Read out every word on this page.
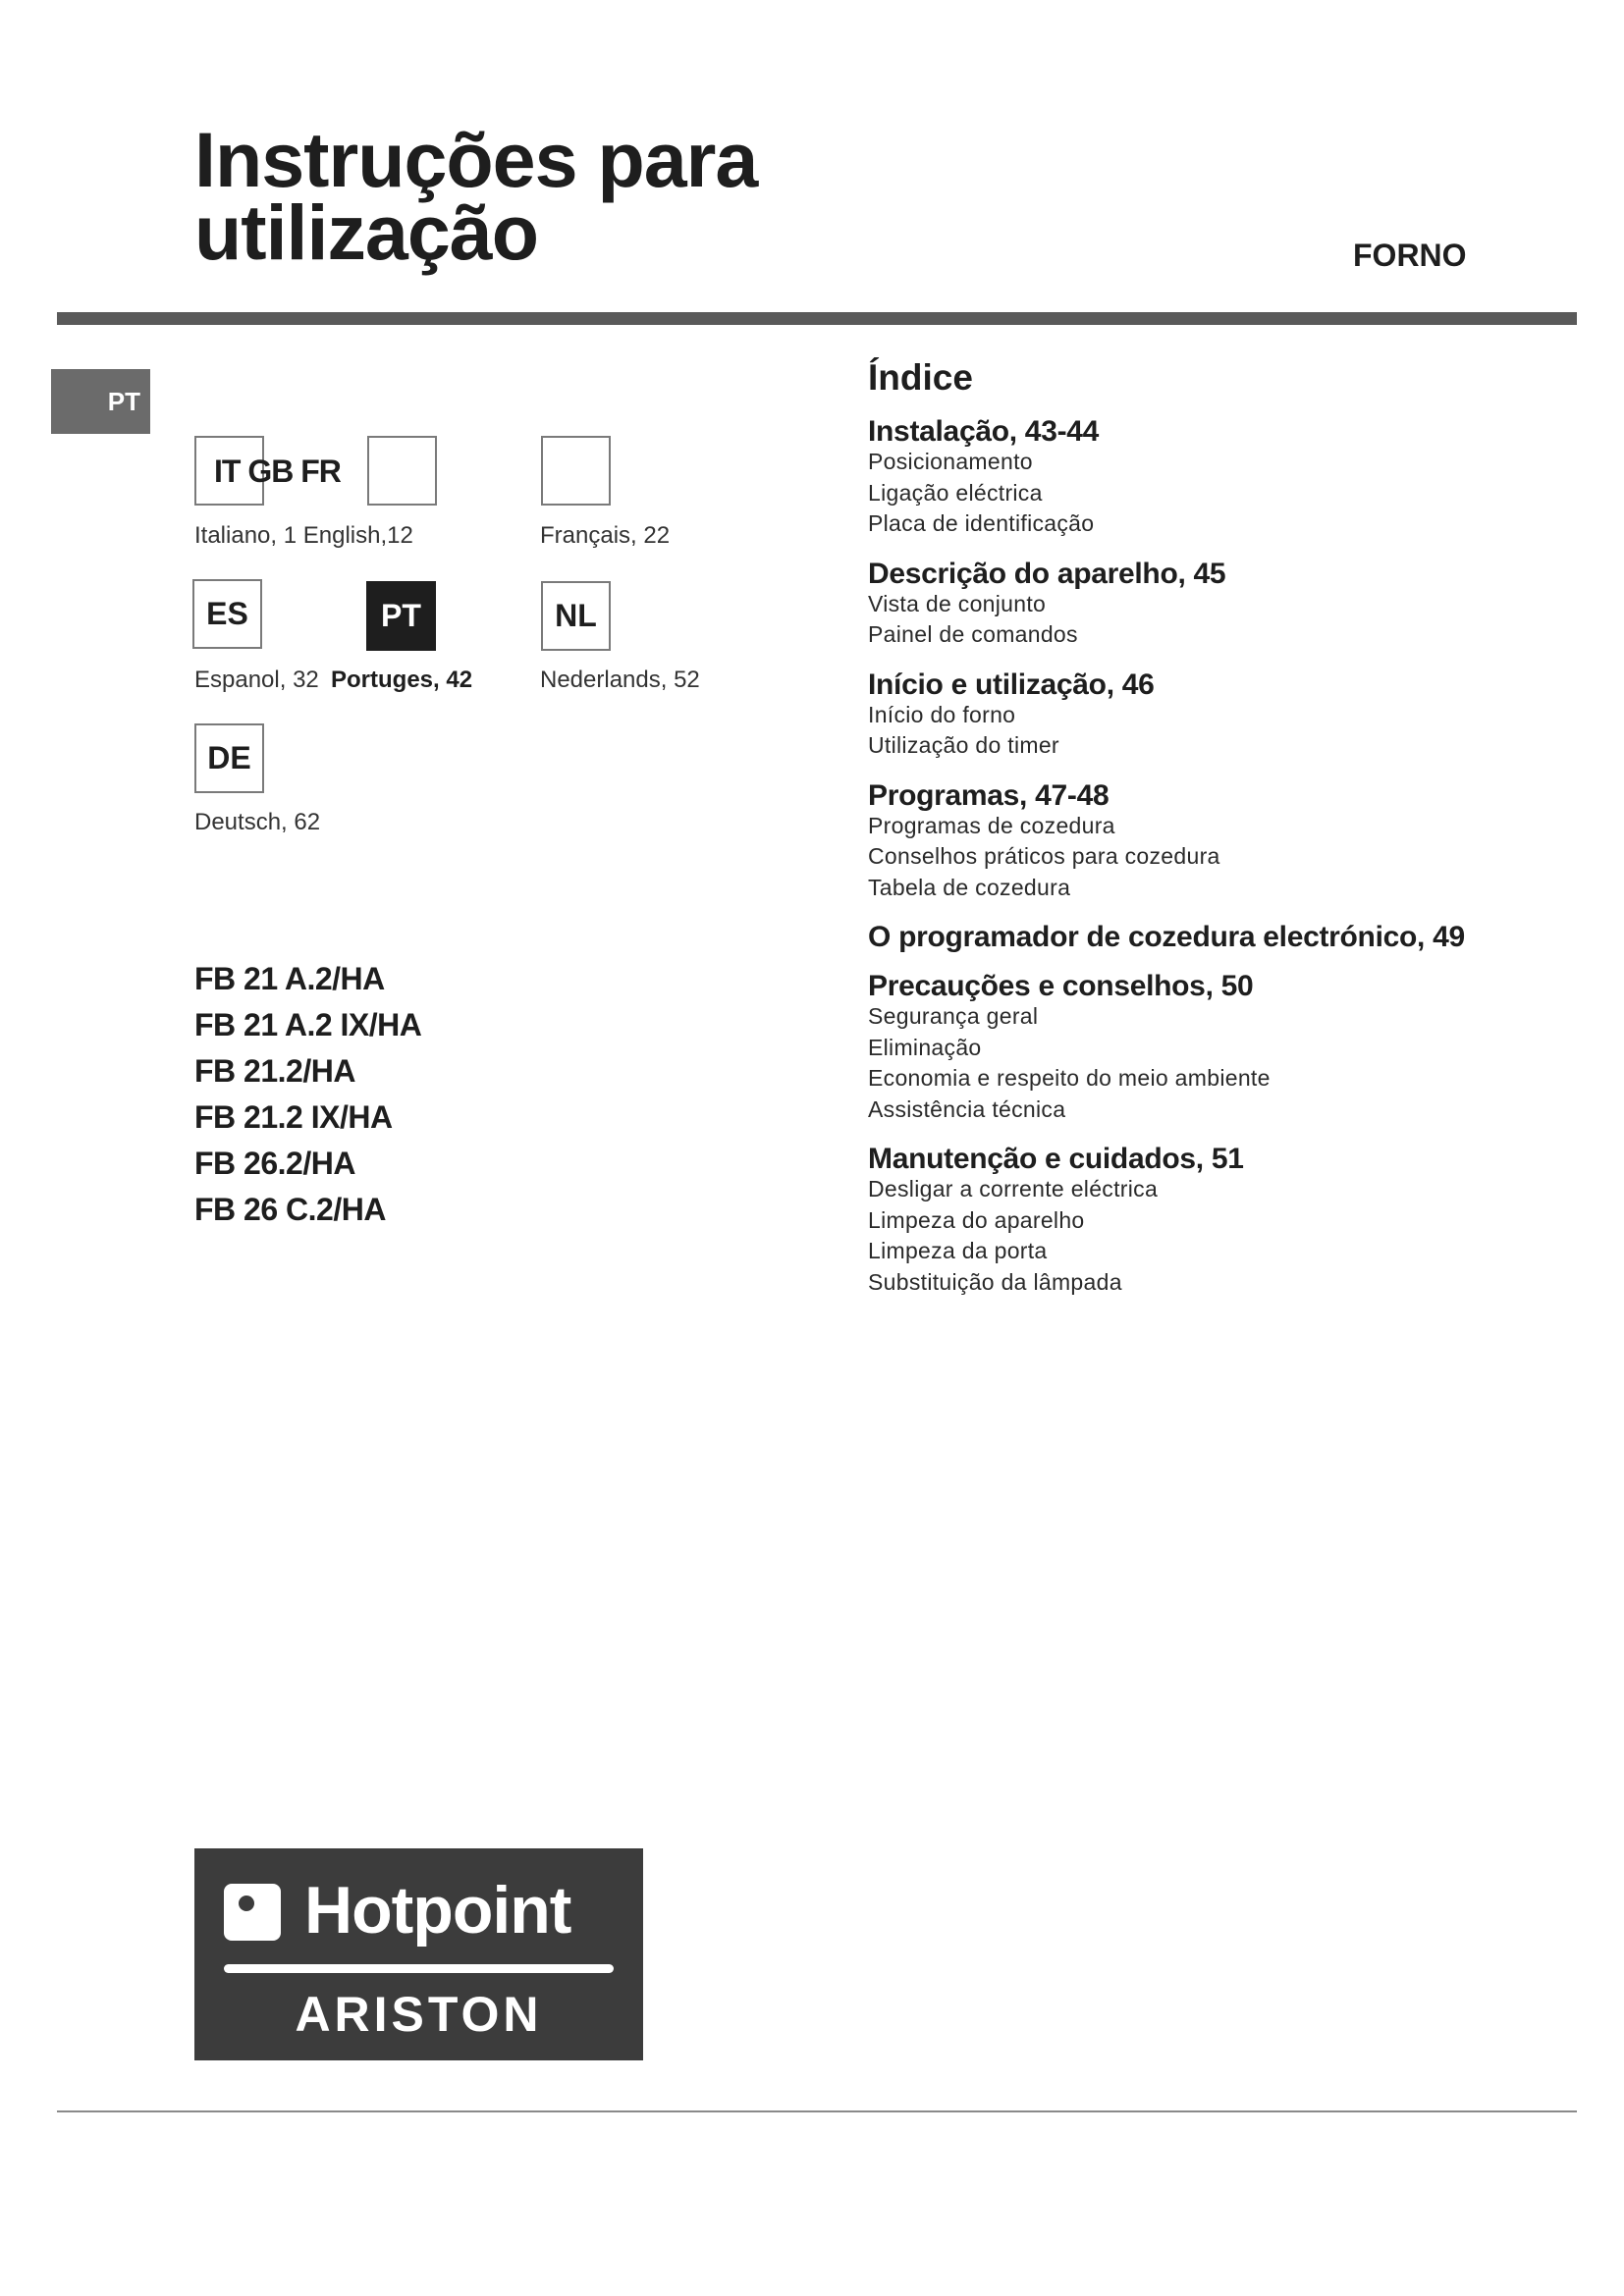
Instruções para
utilização	FORNO
PT
IT GB FR
Italiano, 1 English,12	Français, 22
ES	PT	NL
Espanol, 32 Portuges, 42	Nederlands, 52
DE
Deutsch, 62
FB 21 A.2/HA
FB 21 A.2 IX/HA
FB 21.2/HA
FB 21.2 IX/HA
FB 26.2/HA
FB 26 C.2/HA
Índice
Instalação, 43-44
Posicionamento
Ligação eléctrica
Placa de identificação
Descrição do aparelho, 45
Vista de conjunto
Painel de comandos
Início e utilização, 46
Início do forno
Utilização do timer
Programas, 47-48
Programas de cozedura
Conselhos práticos para cozedura
Tabela de cozedura
O programador de cozedura electrónico, 49
Precauções e conselhos, 50
Segurança geral
Eliminação
Economia e respeito do meio ambiente
Assistência técnica
Manutenção e cuidados, 51
Desligar a corrente eléctrica
Limpeza do aparelho
Limpeza da porta
Substituição da lâmpada
Hotpoint
ARISTON
